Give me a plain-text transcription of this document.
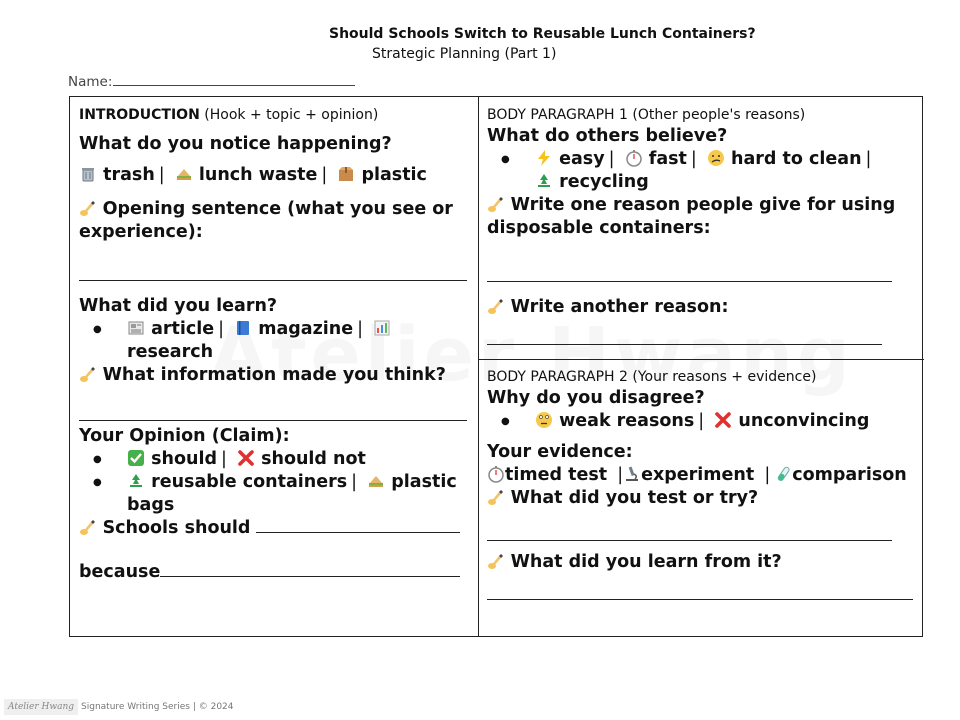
Should Schools Switch to Reusable Lunch Containers?
Strategic Planning (Part 1)
Name:
INTRODUCTION (Hook + topic + opinion)
What do you notice happening?
trash | lunch waste | plastic
Opening sentence (what you see or experience):
What did you learn?
● article | magazine |  research
What information made you think?
Your Opinion (Claim):
● should | should not
● reusable containers | plastic bags
Schools should
because
BODY PARAGRAPH 1 (Other people's reasons)
What do others believe?
● easy | fast | hard to clean |
recycling
Write one reason people give for using disposable containers:
Write another reason:
BODY PARAGRAPH 2 (Your reasons + evidence)
Why do you disagree?
● weak reasons | unconvincing
Your evidence:
timed test | experiment | comparison
What did you test or try?
What did you learn from it?
Atelier Hwang Signature Writing Series | © 2024
